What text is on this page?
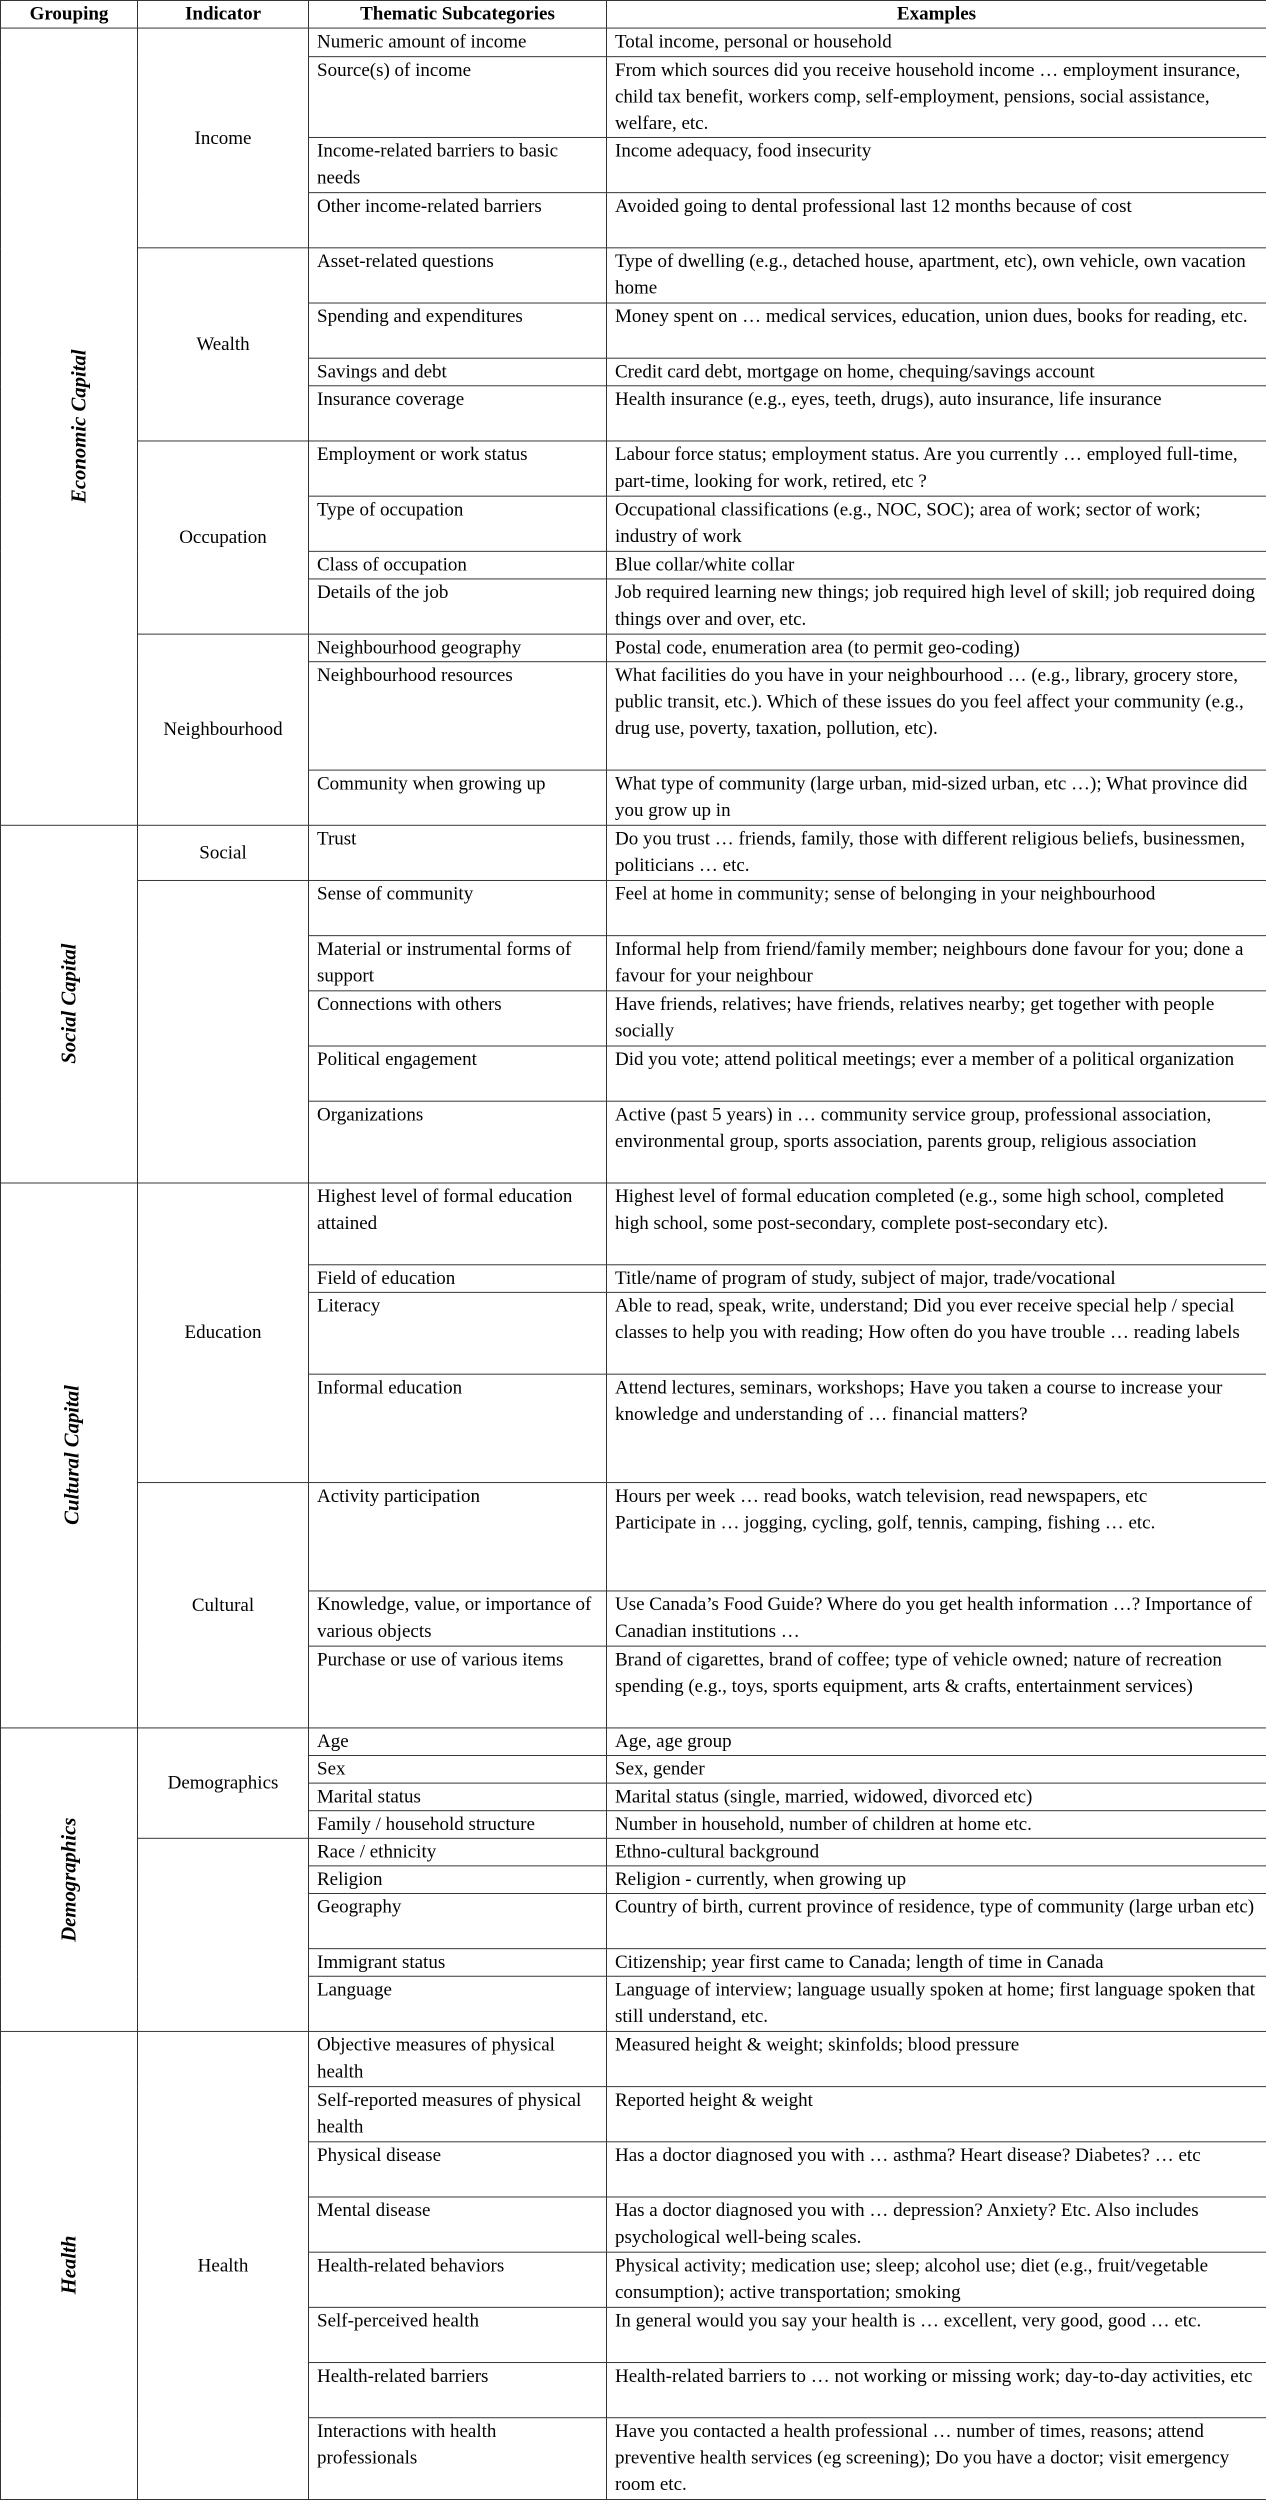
Grouping	Indicator	Thematic Subcategories	Examples
Economic Capital	Income	Numeric amount of income	Total income, personal or household

		Source(s) of income	From which sources did you receive household income … employment insurance, child tax benefit, workers comp, self-employment, pensions, social assistance, welfare, etc.

		Income-related barriers to basic needs	Income adequacy, food insecurity

		Other income-related barriers	Avoided going to dental professional last 12 months because of cost

	Wealth	Asset-related questions	Type of dwelling (e.g., detached house, apartment, etc), own vehicle, own vacation home

		Spending and expenditures	Money spent on … medical services, education, union dues, books for reading, etc.

		Savings and debt	Credit card debt, mortgage on home, chequing/savings account

		Insurance coverage	Health insurance (e.g., eyes, teeth, drugs), auto insurance, life insurance

	Occupation	Employment or work status	Labour force status; employment status. Are you currently … employed full-time, part-time, looking for work, retired, etc ?

		Type of occupation	Occupational classifications (e.g., NOC, SOC); area of work; sector of work; industry of work

		Class of occupation	Blue collar/white collar

		Details of the job	Job required learning new things; job required high level of skill; job required doing things over and over, etc.

	Neighbourhood	Neighbourhood geography	Postal code, enumeration area (to permit geo-coding)

		Neighbourhood resources	What facilities do you have in your neighbourhood … (e.g., library, grocery store, public transit, etc.). Which of these issues do you feel affect your community (e.g., drug use, poverty, taxation, pollution, etc).

		Community when growing up	What type of community (large urban, mid-sized urban, etc …); What province did you grow up in

Social Capital	Social	Trust	Do you trust … friends, family, those with different religious beliefs, businessmen, politicians … etc.

		Sense of community	Feel at home in community; sense of belonging in your neighbourhood

		Material or instrumental forms of support	Informal help from friend/family member; neighbours done favour for you; done a favour for your neighbour

		Connections with others	Have friends, relatives; have friends, relatives nearby; get together with people socially

		Political engagement	Did you vote; attend political meetings; ever a member of a political organization

		Organizations	Active (past 5 years) in … community service group, professional association, environmental group, sports association, parents group, religious association

Cultural Capital	Education	Highest level of formal education attained	Highest level of formal education completed (e.g., some high school, completed high school, some post-secondary, complete post-secondary etc).

		Field of education	Title/name of program of study, subject of major, trade/vocational

		Literacy	Able to read, speak, write, understand; Did you ever receive special help / special classes to help you with reading; How often do you have trouble … reading labels

		Informal education	Attend lectures, seminars, workshops; Have you taken a course to increase your knowledge and understanding of … financial matters?

	Cultural	Activity participation	Hours per week … read books, watch television, read newspapers, etc
Participate in … jogging, cycling, golf, tennis, camping, fishing … etc.

		Knowledge, value, or importance of various objects	Use Canada’s Food Guide? Where do you get health information …? Importance of Canadian institutions …

		Purchase or use of various items	Brand of cigarettes, brand of coffee; type of vehicle owned; nature of recreation spending (e.g., toys, sports equipment, arts & crafts, entertainment services)

Demographics	Demographics	Age	Age, age group

		Sex	Sex, gender

		Marital status	Marital status (single, married, widowed, divorced etc)

		Family / household structure	Number in household, number of children at home etc.

		Race / ethnicity	Ethno-cultural background

		Religion	Religion - currently, when growing up

		Geography	Country of birth, current province of residence, type of community (large urban etc)

		Immigrant status	Citizenship; year first came to Canada; length of time in Canada

		Language	Language of interview; language usually spoken at home; first language spoken that still understand, etc.

Health	Health	Objective measures of physical health	Measured height & weight; skinfolds; blood pressure

		Self-reported measures of physical health	Reported height & weight

		Physical disease	Has a doctor diagnosed you with … asthma? Heart disease? Diabetes? … etc

		Mental disease	Has a doctor diagnosed you with … depression? Anxiety? Etc. Also includes psychological well-being scales.

		Health-related behaviors	Physical activity; medication use; sleep; alcohol use; diet (e.g., fruit/vegetable consumption); active transportation; smoking

		Self-perceived health	In general would you say your health is … excellent, very good, good … etc.

		Health-related barriers	Health-related barriers to … not working or missing work; day-to-day activities, etc

		Interactions with health professionals	Have you contacted a health professional … number of times, reasons; attend preventive health services (eg screening); Do you have a doctor; visit emergency room etc.
